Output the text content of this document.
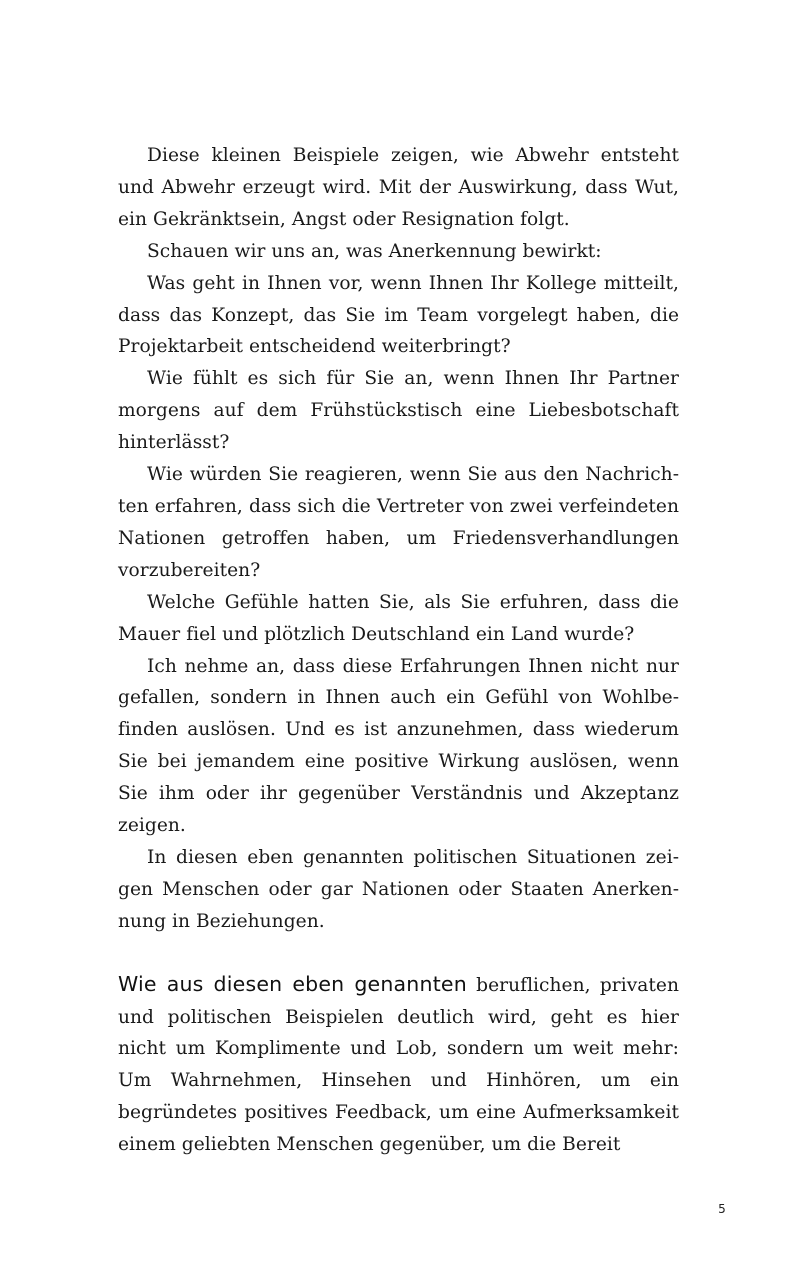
Diese kleinen Beispiele zeigen, wie Abwehr entsteht und Abwehr erzeugt wird. Mit der Auswirkung, dass Wut, ein Gekränktsein, Angst oder Resignation folgt.

Schauen wir uns an, was Anerkennung bewirkt:

Was geht in Ihnen vor, wenn Ihnen Ihr Kollege mitteilt, dass das Konzept, das Sie im Team vorgelegt haben, die Projektarbeit entscheidend weiterbringt?

Wie fühlt es sich für Sie an, wenn Ihnen Ihr Partner morgens auf dem Frühstückstisch eine Liebesbotschaft hinterlässt?

Wie würden Sie reagieren, wenn Sie aus den Nachrichten erfahren, dass sich die Vertreter von zwei verfeindeten Nationen getroffen haben, um Friedensverhandlungen vorzubereiten?

Welche Gefühle hatten Sie, als Sie erfuhren, dass die Mauer fiel und plötzlich Deutschland ein Land wurde?

Ich nehme an, dass diese Erfahrungen Ihnen nicht nur gefallen, sondern in Ihnen auch ein Gefühl von Wohlbefinden auslösen. Und es ist anzunehmen, dass wiederum Sie bei jemandem eine positive Wirkung auslösen, wenn Sie ihm oder ihr gegenüber Verständnis und Akzeptanz zeigen.

In diesen eben genannten politischen Situationen zeigen Menschen oder gar Nationen oder Staaten Anerkennung in Beziehungen.

Wie aus diesen eben genannten beruflichen, privaten und politischen Beispielen deutlich wird, geht es hier nicht um Komplimente und Lob, sondern um weit mehr: Um Wahrnehmen, Hinsehen und Hinhören, um ein begründetes positives Feedback, um eine Aufmerksamkeit einem geliebten Menschen gegenüber, um die Bereit

5
